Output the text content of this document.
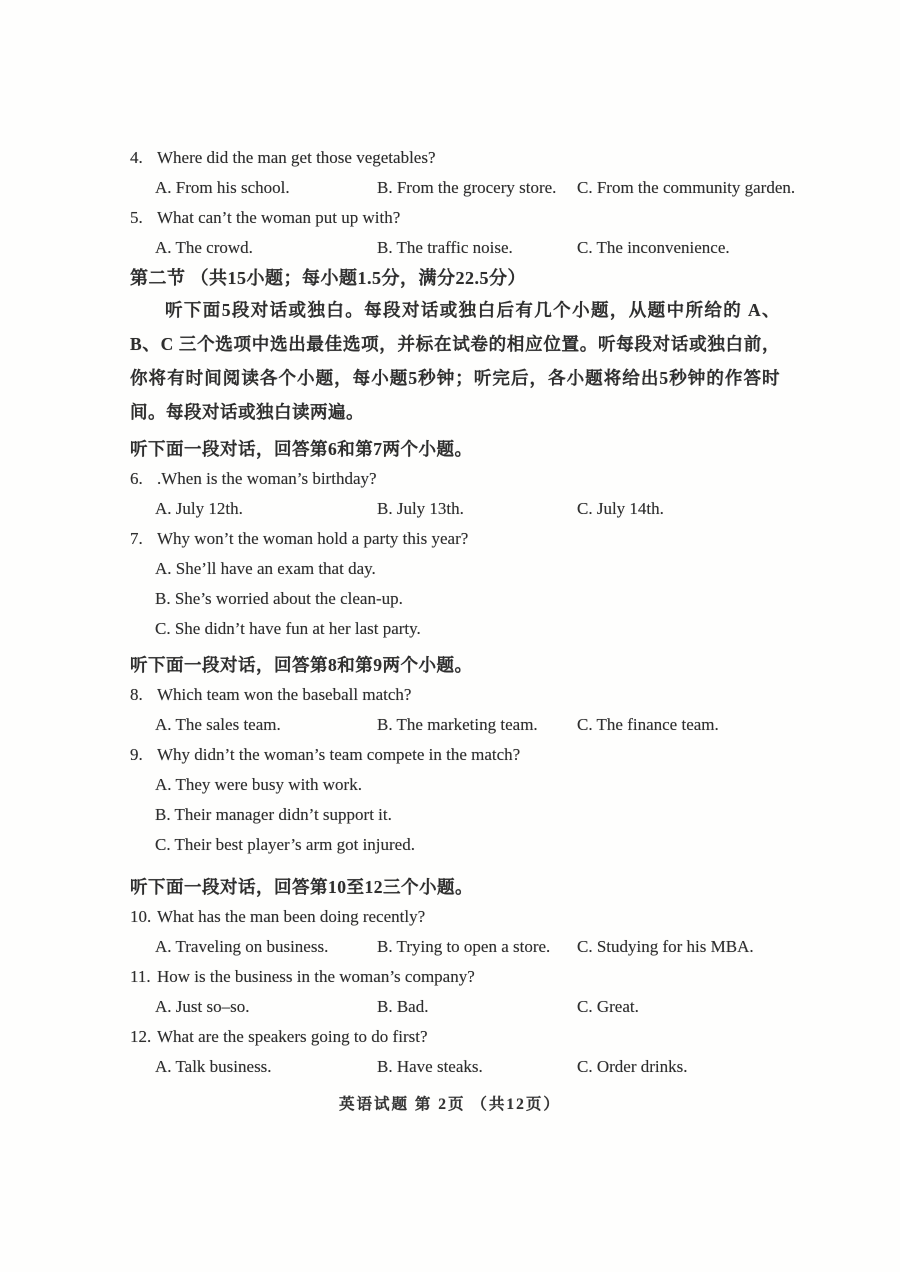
4. Where did the man get those vegetables?
A. From his school.	B. From the grocery store.	C. From the community garden.
5. What can’t the woman put up with?
A. The crowd.	B. The traffic noise.	C. The inconvenience.
第二节 （共15小题；每小题1.5分，满分22.5分）
听下面5段对话或独白。每段对话或独白后有几个小题，从题中所给的 A、B、C 三个选项中选出最佳选项，并标在试卷的相应位置。听每段对话或独白前，你将有时间阅读各个小题，每小题5秒钟；听完后，各小题将给出5秒钟的作答时间。每段对话或独白读两遍。
听下面一段对话，回答第6和第7两个小题。
6. .When is the woman’s birthday?
A. July 12th.	B. July 13th.	C. July 14th.
7. Why won’t the woman hold a party this year?
A. She’ll have an exam that day.
B. She’s worried about the clean-up.
C. She didn’t have fun at her last party.
听下面一段对话，回答第8和第9两个小题。
8. Which team won the baseball match?
A. The sales team.	B. The marketing team.	C. The finance team.
9. Why didn’t the woman’s team compete in the match?
A. They were busy with work.
B. Their manager didn’t support it.
C. Their best player’s arm got injured.
听下面一段对话，回答第10至12三个小题。
10. What has the man been doing recently?
A. Traveling on business.	B. Trying to open a store.	C. Studying for his MBA.
11. How is the business in the woman’s company?
A. Just so–so.	B. Bad.	C. Great.
12. What are the speakers going to do first?
A. Talk business.	B. Have steaks.	C. Order drinks.
英语试题 第 2页 （共12页）
